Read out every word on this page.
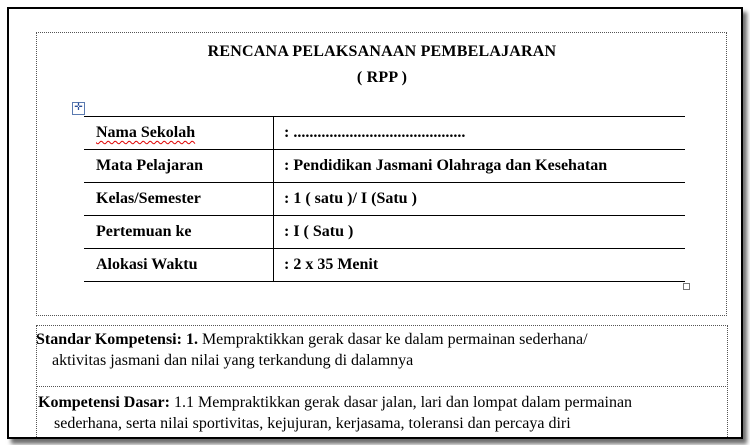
RENCANA PELAKSANAAN PEMBELAJARAN
( RPP )
✛
Nama Sekolah	: ...........................................
Mata Pelajaran	: Pendidikan Jasmani Olahraga dan Kesehatan
Kelas/Semester	: 1 ( satu )/ I (Satu )
Pertemuan ke	: I ( Satu )
Alokasi Waktu	: 2 x 35 Menit
Standar Kompetensi: 1. Mempraktikkan gerak dasar ke dalam permainan sederhana/
aktivitas jasmani dan nilai yang terkandung di dalamnya
Kompetensi Dasar: 1.1 Mempraktikkan gerak dasar jalan, lari dan lompat dalam permainan
sederhana, serta nilai sportivitas, kejujuran, kerjasama, toleransi dan percaya diri
